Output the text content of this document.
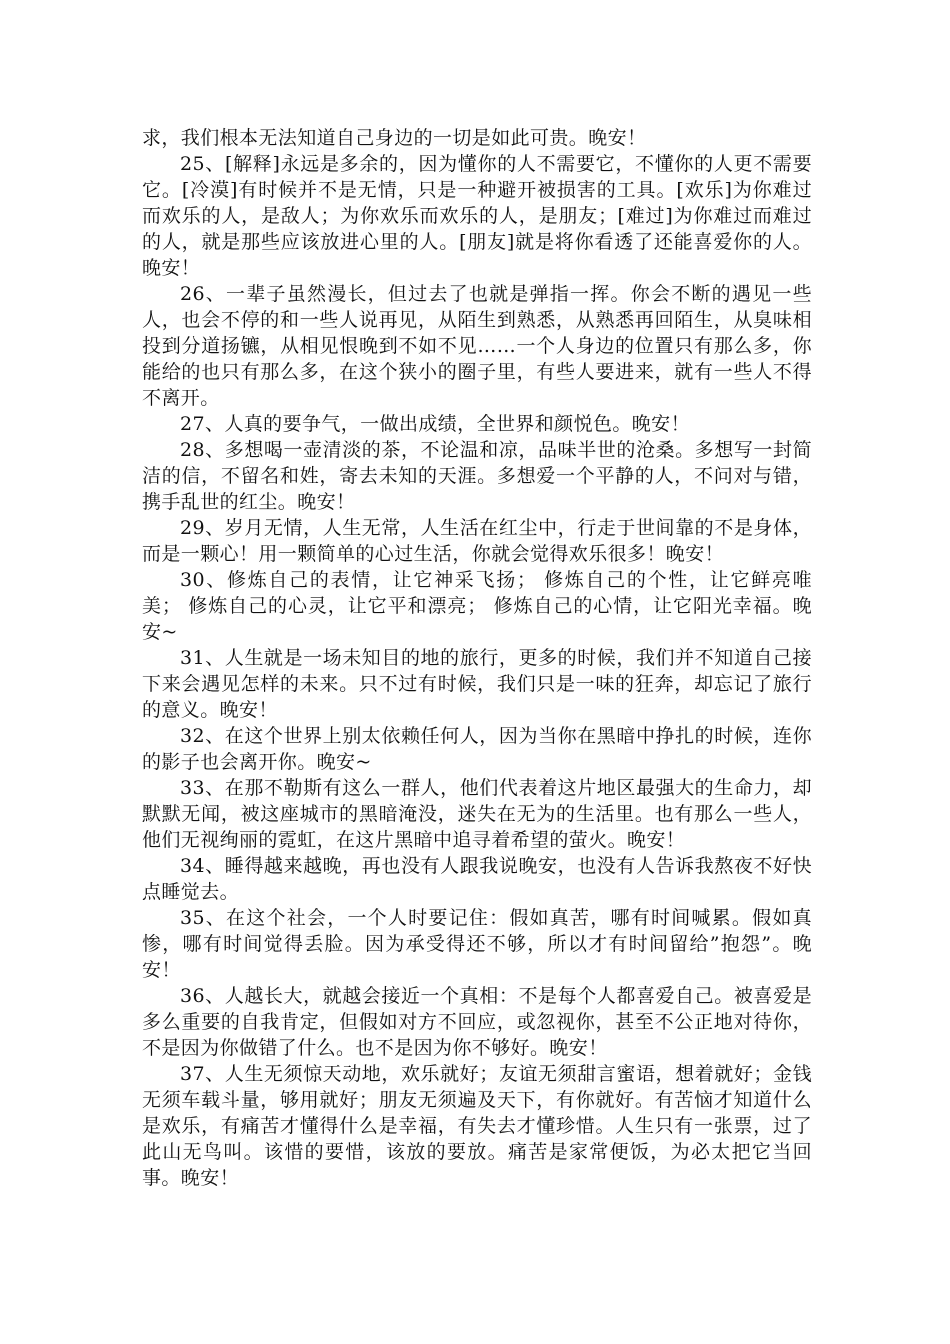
求，我们根本无法知道自己身边的一切是如此可贵。晚安！

25、[解释]永远是多余的，因为懂你的人不需要它，不懂你的人更不需要它。[冷漠]有时候并不是无情，只是一种避开被损害的工具。[欢乐]为你难过而欢乐的人，是敌人；为你欢乐而欢乐的人，是朋友；[难过]为你难过而难过的人，就是那些应该放进心里的人。[朋友]就是将你看透了还能喜爱你的人。晚安！

26、一辈子虽然漫长，但过去了也就是弹指一挥。你会不断的遇见一些人，也会不停的和一些人说再见，从陌生到熟悉，从熟悉再回陌生，从臭味相投到分道扬镳，从相见恨晚到不如不见……一个人身边的位置只有那么多，你能给的也只有那么多，在这个狭小的圈子里，有些人要进来，就有一些人不得不离开。

27、人真的要争气，一做出成绩，全世界和颜悦色。晚安！

28、多想喝一壶清淡的茶，不论温和凉，品味半世的沧桑。多想写一封简洁的信，不留名和姓，寄去未知的天涯。多想爱一个平静的人，不问对与错，携手乱世的红尘。晚安！

29、岁月无情，人生无常，人生活在红尘中，行走于世间靠的不是身体，而是一颗心！用一颗简单的心过生活，你就会觉得欢乐很多！晚安！

30、修炼自己的表情，让它神采飞扬； 修炼自己的个性，让它鲜亮唯美； 修炼自己的心灵，让它平和漂亮； 修炼自己的心情，让它阳光幸福。晚安~

31、人生就是一场未知目的地的旅行，更多的时候，我们并不知道自己接下来会遇见怎样的未来。只不过有时候，我们只是一味的狂奔，却忘记了旅行的意义。晚安！

32、在这个世界上别太依赖任何人，因为当你在黑暗中挣扎的时候，连你的影子也会离开你。晚安~

33、在那不勒斯有这么一群人，他们代表着这片地区最强大的生命力，却默默无闻，被这座城市的黑暗淹没，迷失在无为的生活里。也有那么一些人，他们无视绚丽的霓虹，在这片黑暗中追寻着希望的萤火。晚安！

34、睡得越来越晚，再也没有人跟我说晚安，也没有人告诉我熬夜不好快点睡觉去。

35、在这个社会，一个人时要记住：假如真苦，哪有时间喊累。假如真惨，哪有时间觉得丢脸。因为承受得还不够，所以才有时间留给”抱怨”。晚安！

36、人越长大，就越会接近一个真相：不是每个人都喜爱自己。被喜爱是多么重要的自我肯定，但假如对方不回应，或忽视你，甚至不公正地对待你，不是因为你做错了什么。也不是因为你不够好。晚安！

37、人生无须惊天动地，欢乐就好；友谊无须甜言蜜语，想着就好；金钱无须车载斗量，够用就好；朋友无须遍及天下，有你就好。有苦恼才知道什么是欢乐，有痛苦才懂得什么是幸福，有失去才懂珍惜。人生只有一张票，过了此山无鸟叫。该惜的要惜，该放的要放。痛苦是家常便饭，为必太把它当回事。晚安！
